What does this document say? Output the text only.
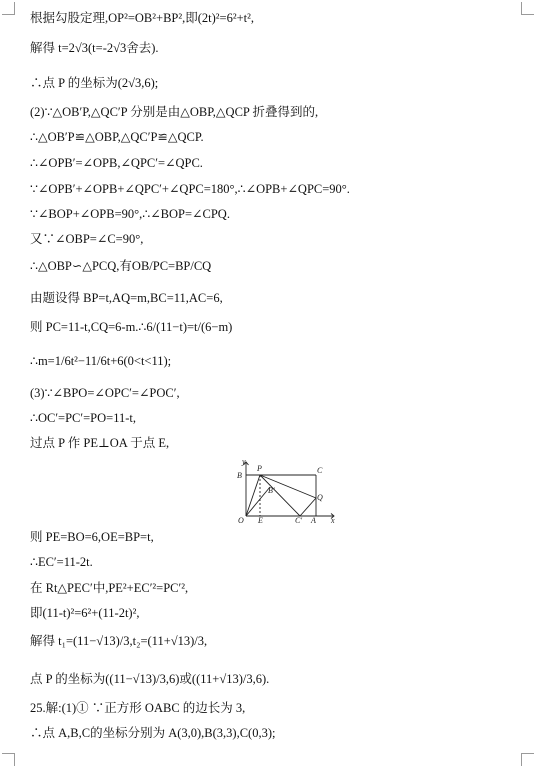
根据勾股定理,OP²=OB²+BP²,即(2t)²=6²+t²,
解得 t=2√3(t=-2√3舍去).
∴点 P 的坐标为(2√3,6);
(2)∵△OB′P,△QC′P 分别是由△OBP,△QCP 折叠得到的,
∴△OB′P≌△OBP,△QC′P≌△QCP.
∴∠OPB′=∠OPB,∠QPC′=∠QPC.
∵∠OPB′+∠OPB+∠QPC′+∠QPC=180°,∴∠OPB+∠QPC=90°.
∵∠BOP+∠OPB=90°,∴∠BOP=∠CPQ.
又∵∠OBP=∠C=90°,
∴△OBP∽△PCQ,有OB/PC=BP/CQ
由题设得 BP=t,AQ=m,BC=11,AC=6,
则 PC=11-t,CQ=6-m.∴6/(11−t)=t/(6−m)
∴m=1/6t²−11/6t+6(0<t<11);
(3)∵∠BPO=∠OPC′=∠POC′,
∴OC′=PC′=PO=11-t,
过点 P 作 PE⊥OA 于点 E,
y
B
P	C
Q
O E	C′ A x
B′
则 PE=BO=6,OE=BP=t,
∴EC′=11-2t.
在 Rt△PEC′中,PE²+EC′²=PC′²,
即(11-t)²=6²+(11-2t)²,
解得 t₁=(11−√13)/3,t₂=(11+√13)/3,
点 P 的坐标为((11−√13)/3,6)或((11+√13)/3,6).
25.解:(1)① ∵正方形 OABC 的边长为 3,
∴点 A,B,C的坐标分别为 A(3,0),B(3,3),C(0,3);
